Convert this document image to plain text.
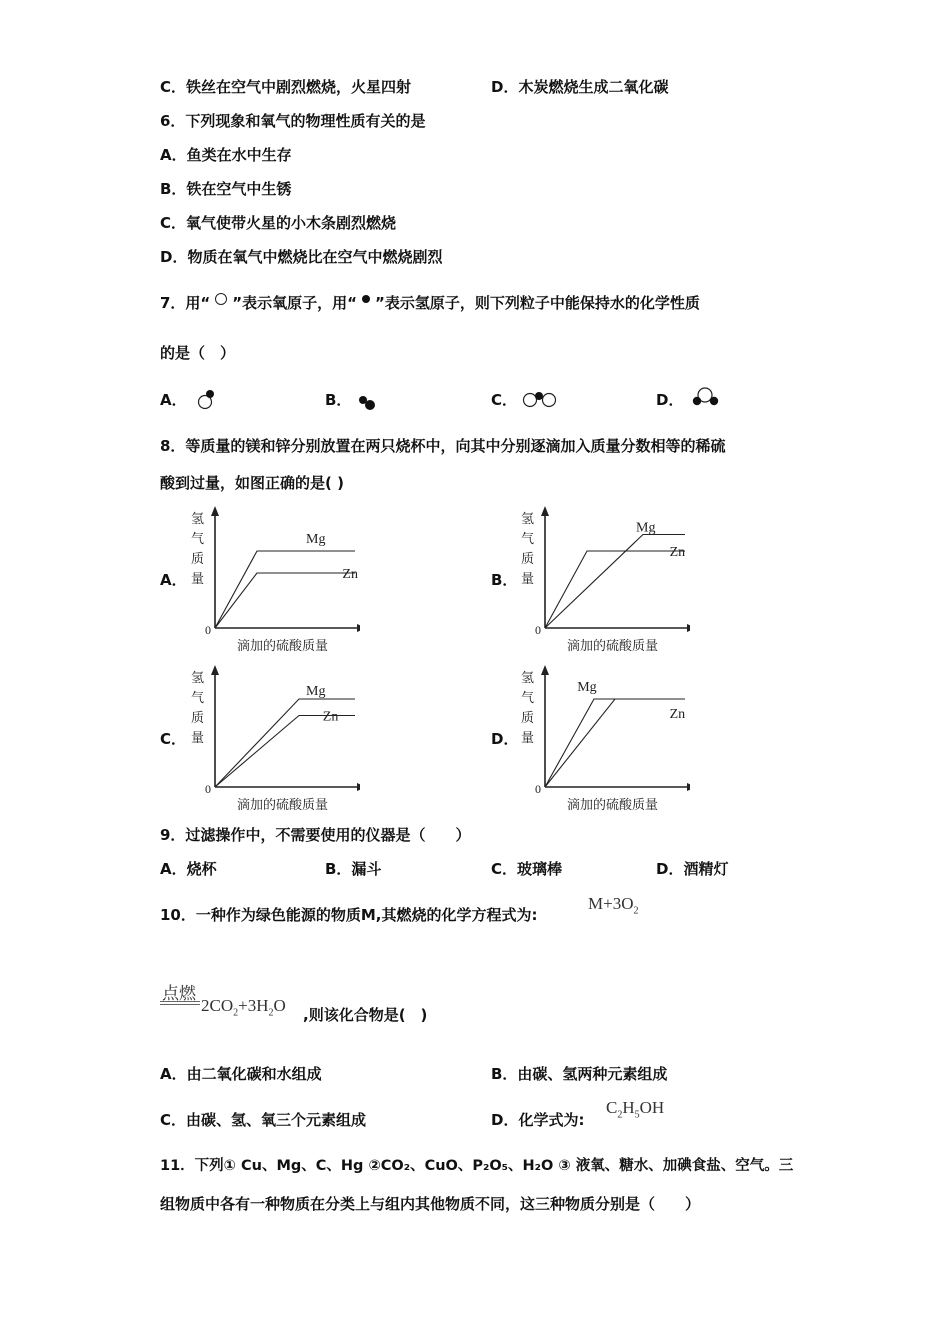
C．铁丝在空气中剧烈燃烧，火星四射	D．木炭燃烧生成二氧化碳
6．下列现象和氧气的物理性质有关的是
A．鱼类在水中生存
B．铁在空气中生锈
C．氧气使带火星的小木条剧烈燃烧
D．物质在氧气中燃烧比在空气中燃烧剧烈
7．用“ ”表示氧原子，用“ ”表示氢原子，则下列粒子中能保持水的化学性质
的是（　）
A．	B．	C．	D．
8．等质量的镁和锌分别放置在两只烧杯中，向其中分别逐滴加入质量分数相等的稀硫
酸到过量，如图正确的是( )
A．	B．
C．	D．
0
氢
气
质
量
滴加的硫酸质量
Mg
Zn
0
氢
气
质
量
滴加的硫酸质量
Mg
Zn
0
氢
气
质
量
滴加的硫酸质量
Mg
Zn
0
氢
气
质
量
滴加的硫酸质量
Mg
Zn
9．过滤操作中，不需要使用的仪器是（　　）
A．烧杯	B．漏斗	C．玻璃棒	D．酒精灯
10．一种作为绿色能源的物质M,其燃烧的化学方程式为:
$M+3O_2$
点燃
$2CO_2+3H_2O$ ,则该化合物是(　)
A．由二氧化碳和水组成	B．由碳、氢两种元素组成
C．由碳、氢、氧三个元素组成	D．化学式为:
$C_2H_5OH$
11．下列① Cu、Mg、C、Hg ②CO₂、CuO、P₂O₅、H₂O ③ 液氧、糖水、加碘食盐、空气。三
组物质中各有一种物质在分类上与组内其他物质不同，这三种物质分别是（　　）
